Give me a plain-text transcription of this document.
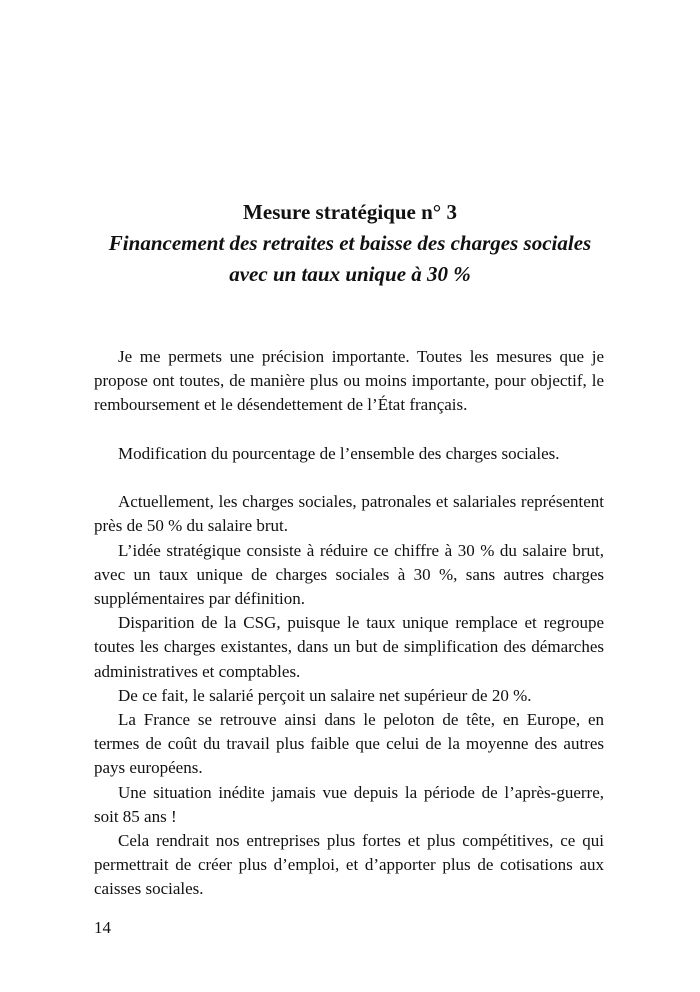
Mesure stratégique n° 3

Financement des retraites et baisse des charges sociales

avec un taux unique à 30 %

Je me permets une précision importante. Toutes les mesures que je propose ont toutes, de manière plus ou moins importante, pour objectif, le remboursement et le désendettement de l’État français.

Modification du pourcentage de l’ensemble des charges sociales.

Actuellement, les charges sociales, patronales et salariales représentent près de 50 % du salaire brut.

L’idée stratégique consiste à réduire ce chiffre à 30 % du salaire brut, avec un taux unique de charges sociales à 30 %, sans autres charges supplémentaires par définition.

Disparition de la CSG, puisque le taux unique remplace et regroupe toutes les charges existantes, dans un but de simplification des démarches administratives et comptables.

De ce fait, le salarié perçoit un salaire net supérieur de 20 %.

La France se retrouve ainsi dans le peloton de tête, en Europe, en termes de coût du travail plus faible que celui de la moyenne des autres pays européens.

Une situation inédite jamais vue depuis la période de l’après-guerre, soit 85 ans !

Cela rendrait nos entreprises plus fortes et plus compétitives, ce qui permettrait de créer plus d’emploi, et d’apporter plus de cotisations aux caisses sociales.

14
